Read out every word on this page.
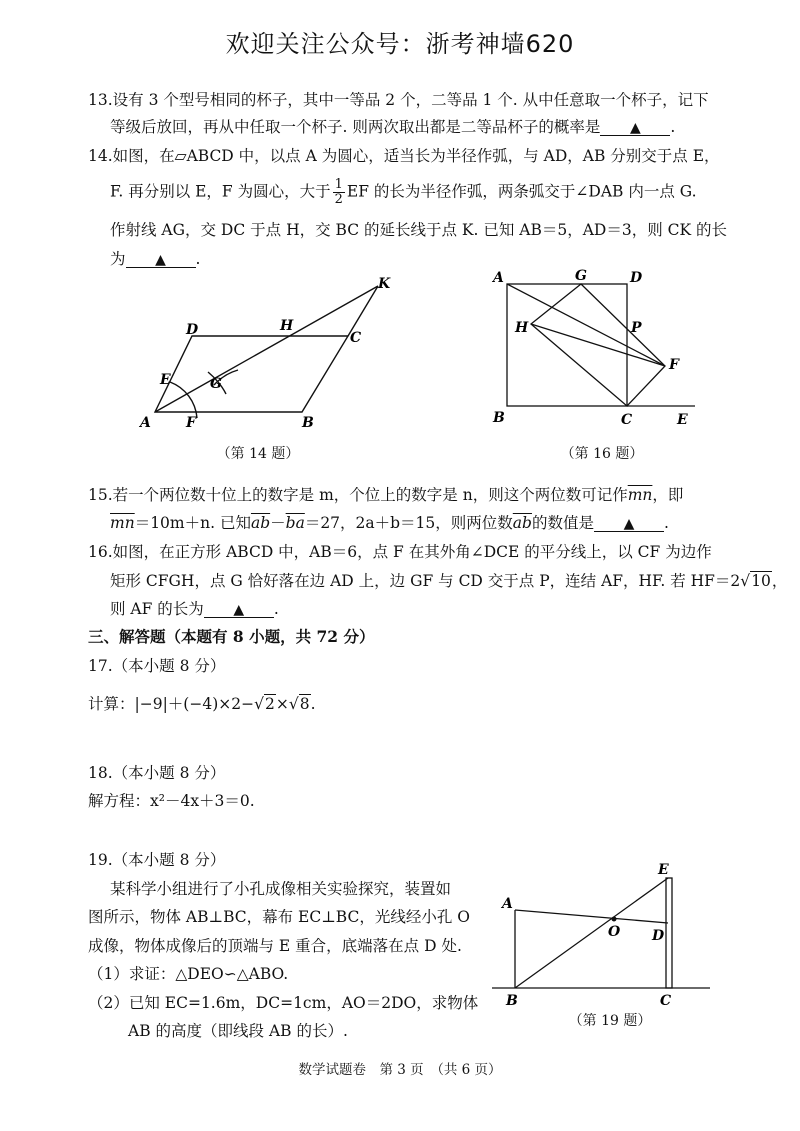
欢迎关注公众号：浙考神墙620
13.设有 3 个型号相同的杯子，其中一等品 2 个，二等品 1 个. 从中任意取一个杯子，记下
等级后放回，再从中任取一个杯子. 则两次取出都是二等品杯子的概率是 ▲ .
14.如图，在▱ABCD 中，以点 A 为圆心，适当长为半径作弧，与 AD，AB 分别交于点 E，
F. 再分别以 E，F 为圆心，大于 $\frac{1}{2}$ EF 的长为半径作弧，两条弧交于∠DAB 内一点 G.
作射线 AG，交 DC 于点 H，交 BC 的延长线于点 K. 已知 AB＝5，AD＝3，则 CK 的长
为 ▲ .
A	B
C
D
E
F
G
H
K
（第 14 题）
A
B	C
D
E
F
G
H	P
（第 16 题）
15.若一个两位数十位上的数字是 m，个位上的数字是 n，则这个两位数可记作$\overline{mn}$，即
$\overline{mn}=10m+n$. 已知$\overline{ab}-\overline{ba}=27$，2a＋b＝15，则两位数$\overline{ab}$的数值是 ▲ .
16.如图，在正方形 ABCD 中，AB＝6，点 F 在其外角∠DCE 的平分线上，以 CF 为边作
矩形 CFGH，点 G 恰好落在边 AD 上，边 GF 与 CD 交于点 P，连结 AF，HF. 若 HF＝2√10，
则 AF 的长为 ▲ .
三、解答题（本题有 8 小题，共 72 分）
17.（本小题 8 分）
计算：|−9|＋(−4)×2−√2×√8.
18.（本小题 8 分）
解方程：x²－4x＋3＝0.
19.（本小题 8 分）
某科学小组进行了小孔成像相关实验探究，装置如
图所示，物体 AB⊥BC，幕布 EC⊥BC，光线经小孔 O
成像，物体成像后的顶端与 E 重合，底端落在点 D 处.
（1）求证：△DEO∽△ABO.
（2）已知 EC=1.6m，DC=1cm，AO＝2DO，求物体
AB 的高度（即线段 AB 的长）.
A
B	C
D
E
O
（第 19 题）
数学试题卷　第 3 页　（共 6 页）
